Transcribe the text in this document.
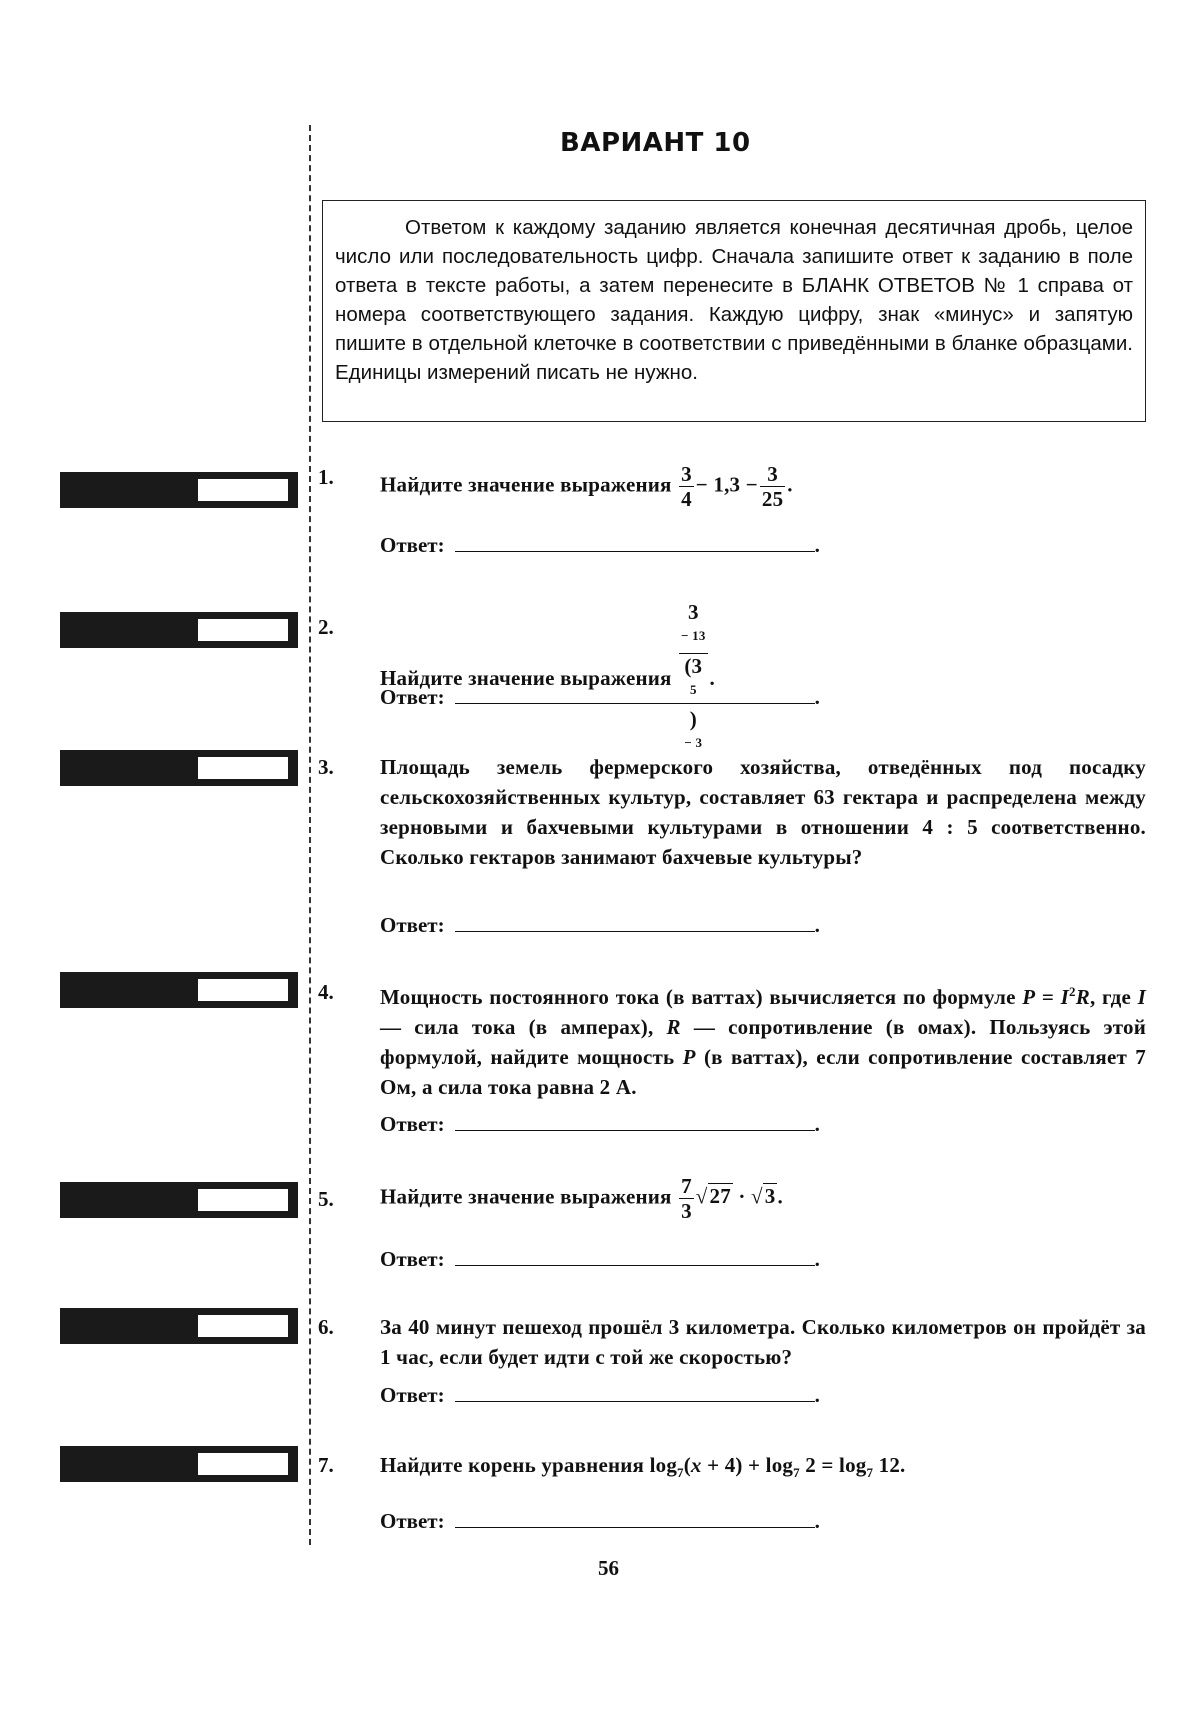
ВАРИАНТ 10
Ответом к каждому заданию является конечная десятичная дробь, целое число или последовательность цифр. Сначала запишите ответ к заданию в поле ответа в тексте работы, а затем перенесите в БЛАНК ОТВЕТОВ № 1 справа от номера соответствующего задания. Каждую цифру, знак «минус» и запятую пишите в отдельной клеточке в соответствии с приведёнными в бланке образцами. Единицы измерений писать не нужно.
1. Найдите значение выражения $\frac{3}{4} - 1,3 - \frac{3}{25}$ .
Ответ:	.
2.
Найдите значение выражения 3
$^{- 13}$
(3
$^5$
)
$^{- 3}$ .
Ответ:	.
3. Площадь земель фермерского хозяйства, отведённых под посадку сельскохозяйственных культур, составляет 63 гектара и распределена между зерновыми и бахчевыми культурами в отношении 4 : 5 соответственно. Сколько гектаров занимают бахчевые культуры?
Ответ:	.
4. Мощность постоянного тока (в ваттах) вычисляется по формуле $P = I^2R$, где I — сила тока (в амперах), R — сопротивление (в омах). Пользуясь этой формулой, найдите мощность P (в ваттах), если сопротивление составляет 7 Ом, а сила тока равна 2 А.
Ответ:	.
5. Найдите значение выражения $\frac{7}{3} √27 \cdot √3$.
Ответ:	.
6. За 40 минут пешеход прошёл 3 километра. Сколько километров он пройдёт за 1 час, если будет идти с той же скоростью?
Ответ:	.
7. Найдите корень уравнения $\log_7(x + 4) + \log_7 2 = \log_7 12$.
Ответ:	.
56
